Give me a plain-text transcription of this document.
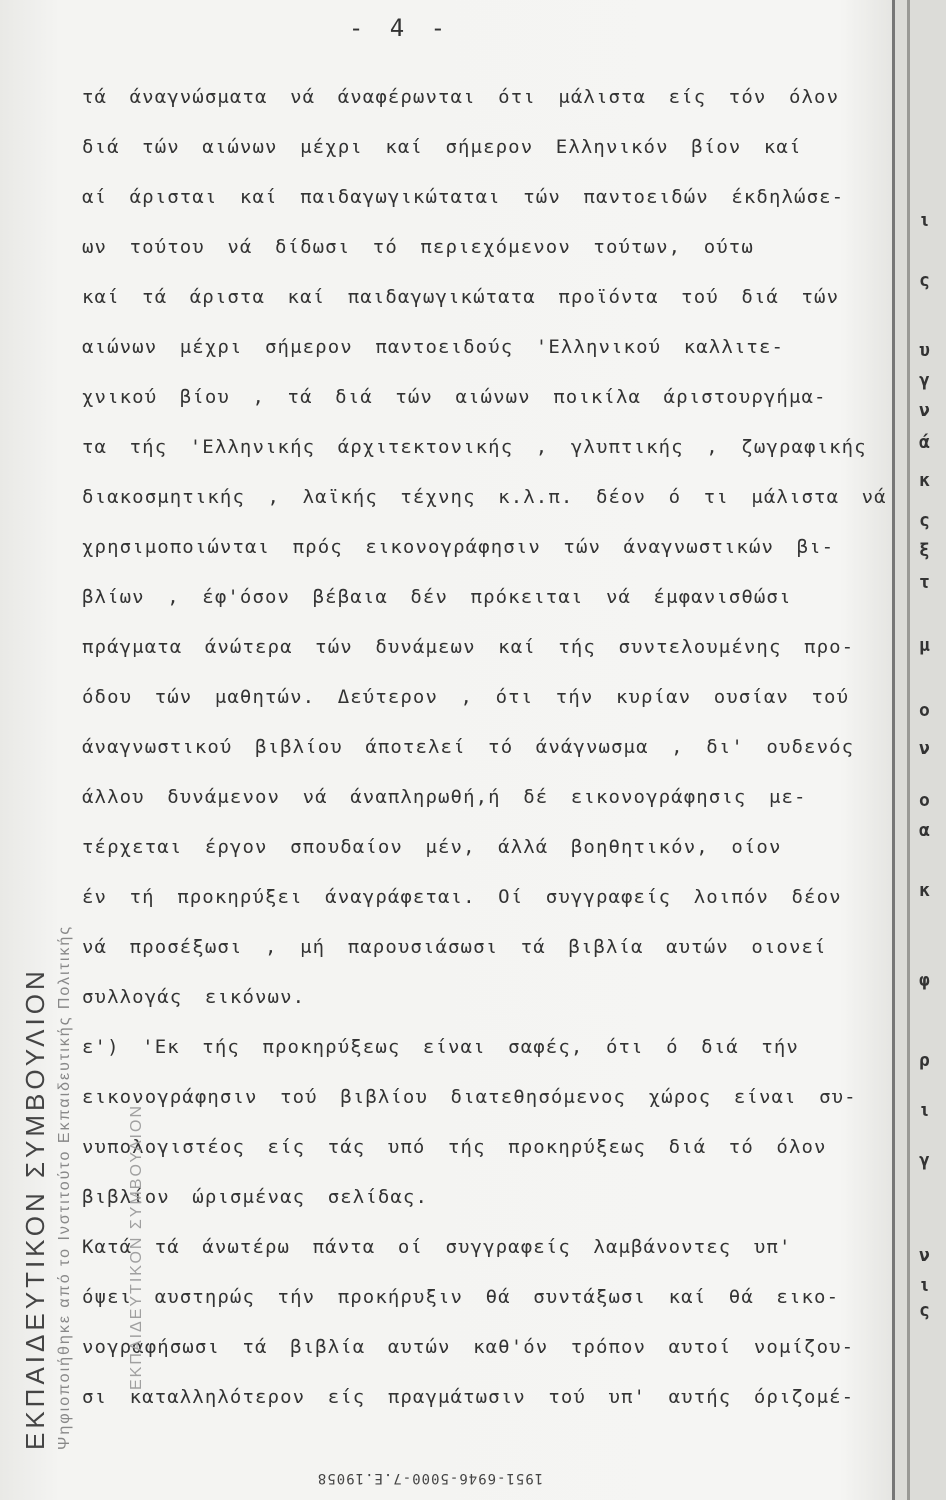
- 4 -
τά άναγνώσματα νά άναφέρωνται ότι μάλιστα είς τόν όλον
διά τών αιώνων μέχρι καί σήμερον Ελληνικόν βίον καί
αί άρισται καί παιδαγωγικώταται τών παντοειδών έκδηλώσε-
ων τούτου νά δίδωσι τό περιεχόμενον τούτων, ούτω
καί τά άριστα καί παιδαγωγικώτατα προϊόντα τού διά τών
αιώνων μέχρι σήμερον παντοειδούς 'Ελληνικού καλλιτε-
χνικού βίου , τά διά τών αιώνων ποικίλα άριστουργήμα-
τα τής 'Ελληνικής άρχιτεκτονικής , γλυπτικής , ζωγραφικής
διακοσμητικής , λαϊκής τέχνης κ.λ.π. δέον ό τι μάλιστα νά
χρησιμοποιώνται πρός εικονογράφησιν τών άναγνωστικών βι-
βλίων , έφ'όσον βέβαια δέν πρόκειται νά έμφανισθώσι
πράγματα άνώτερα τών δυνάμεων καί τής συντελουμένης προ-
όδου τών μαθητών. Δεύτερον , ότι τήν κυρίαν ουσίαν τού
άναγνωστικού βιβλίου άποτελεί τό άνάγνωσμα , δι' ουδενός
άλλου δυνάμενον νά άναπληρωθή,ή δέ εικονογράφησις με-
τέρχεται έργον σπουδαίον μέν, άλλά βοηθητικόν, οίον
έν τή προκηρύξει άναγράφεται. Οί συγγραφείς λοιπόν δέον
νά προσέξωσι , μή παρουσιάσωσι τά βιβλία αυτών οιονεί
συλλογάς εικόνων.
ε') 'Εκ τής προκηρύξεως είναι σαφές, ότι ό διά τήν
εικονογράφησιν τού βιβλίου διατεθησόμενος χώρος είναι συ-
νυπολογιστέος είς τάς υπό τής προκηρύξεως διά τό όλον
βιβλίον ώρισμένας σελίδας.
Κατά τά άνωτέρω πάντα οί συγγραφείς λαμβάνοντες υπ'
όψει αυστηρώς τήν προκήρυξιν θά συντάξωσι καί θά εικο-
νογραφήσωσι τά βιβλία αυτών καθ'όν τρόπον αυτοί νομίζου-
σι καταλληλότερον είς πραγμάτωσιν τού υπ' αυτής όριζομέ-
ΕΚΠΑΙΔΕΥΤΙΚΟΝ ΣΥΜΒΟΥΛΙΟΝ Ψηφιοποιήθηκε από το Ινστιτούτο Εκπαιδευτικής Πολιτικής	ΕΚΠΑΙΔΕΥΤΙΚΟΝ ΣΥΜΒΟΥΛΙΟΝ
ι
ς
υ
γ
ν
ά
κ
ς
ξ
τ
μ
ο
ν
ο
α
κ
φ
ρ
ι
γ
ν
ι
ς
1951-6946-5000-7.Ε.19058
